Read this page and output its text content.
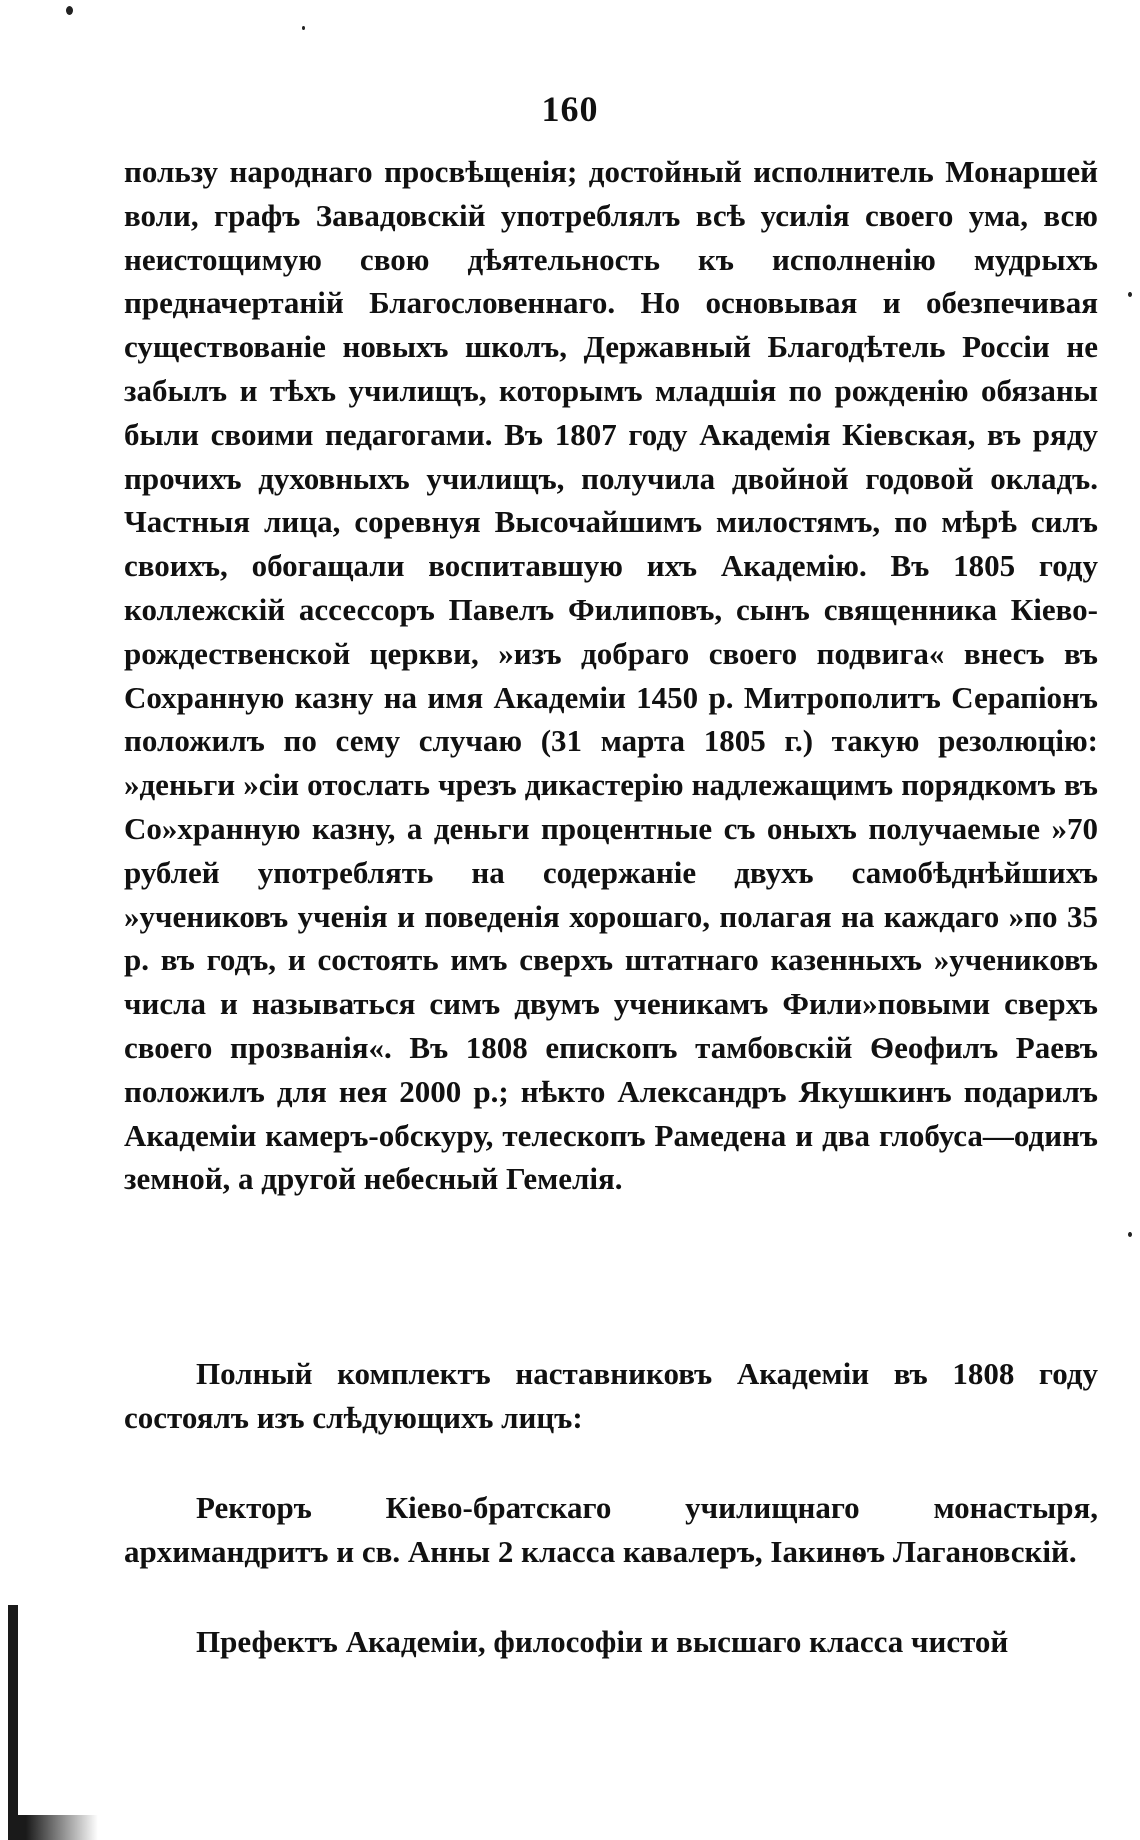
160

пользу народнаго просвѣщенія; достойный исполнитель Монаршей воли, графъ Завадовскій употреблялъ всѣ усилія своего ума, всю неистощимую свою дѣятельность къ исполненію мудрыхъ предначертаній Благословеннаго. Но основывая и обезпечивая существованіе новыхъ школъ, Державный Благодѣтель Россіи не забылъ и тѣхъ училищъ, которымъ младшія по рожденію обязаны были своими педагогами. Въ 1807 году Академія Кіевская, въ ряду прочихъ духовныхъ училищъ, получила двойной годовой окладъ. Частныя лица, соревнуя Высочайшимъ милостямъ, по мѣрѣ силъ своихъ, обогащали воспитавшую ихъ Академію. Въ 1805 году коллежскій ассессоръ Павелъ Филиповъ, сынъ священника Кіево-рождественской церкви, »изъ добраго своего подвига« внесъ въ Сохранную казну на имя Академіи 1450 р. Митрополитъ Серапіонъ положилъ по сему случаю (31 марта 1805 г.) такую резолюцію: »деньги »сіи отослать чрезъ дикастерію надлежащимъ порядкомъ въ Со»хранную казну, а деньги процентные съ оныхъ получаемые »70 рублей употреблять на содержаніе двухъ самобѣднѣйшихъ »учениковъ ученія и поведенія хорошаго, полагая на каждаго »по 35 р. въ годъ, и состоять имъ сверхъ штатнаго казенныхъ »учениковъ числа и называться симъ двумъ ученикамъ Фили»повыми сверхъ своего прозванія«. Въ 1808 епископъ тамбовскій Ѳеофилъ Раевъ положилъ для нея 2000 р.; нѣкто Александръ Якушкинъ подарилъ Академіи камеръ-обскуру, телескопъ Рамедена и два глобуса—одинъ земной, а другой небесный Гемелія.

Полный комплектъ наставниковъ Академіи въ 1808 году состоялъ изъ слѣдующихъ лицъ:

Ректоръ Кіево-братскаго училищнаго монастыря, архимандритъ и св. Анны 2 класса кавалеръ, Іакинѳъ Лагановскій.

Префектъ Академіи, философіи и высшаго класса чистой
